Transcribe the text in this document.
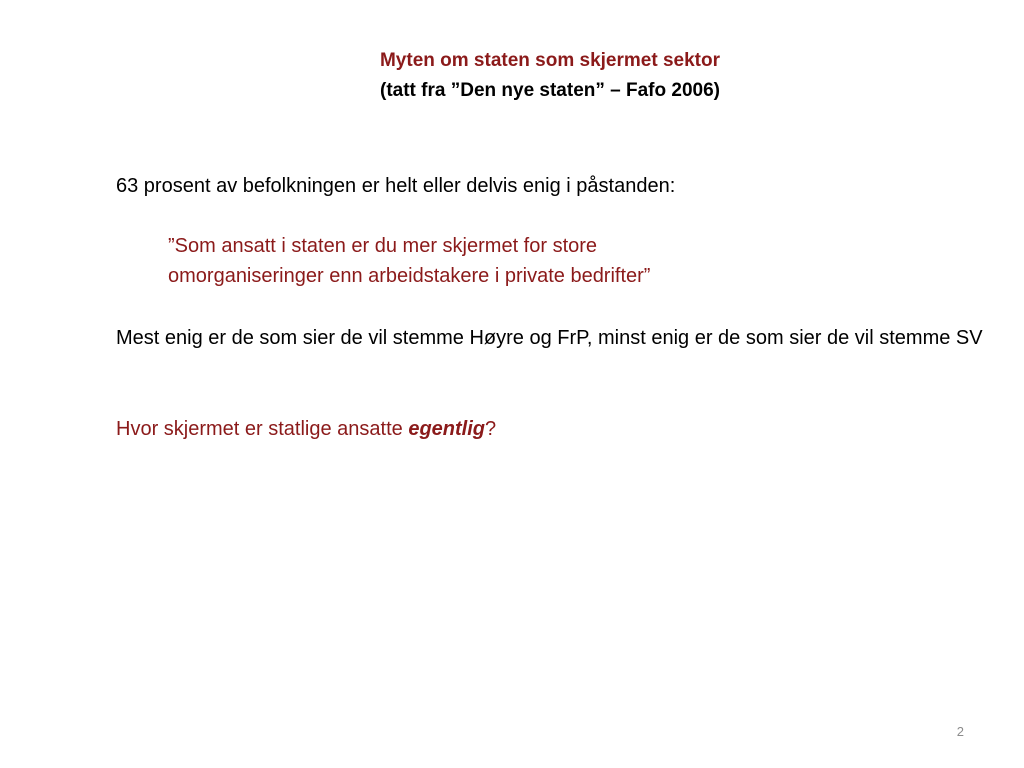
Myten om staten som skjermet sektor
(tatt fra ”Den nye staten” – Fafo 2006)
63 prosent av befolkningen er helt eller delvis enig i påstanden:
”Som ansatt i staten er du mer skjermet for store
omorganiseringer enn arbeidstakere i private bedrifter”
Mest enig er de som sier de vil stemme Høyre og FrP, minst enig er de som sier de vil stemme SV
Hvor skjermet er statlige ansatte egentlig?
2
